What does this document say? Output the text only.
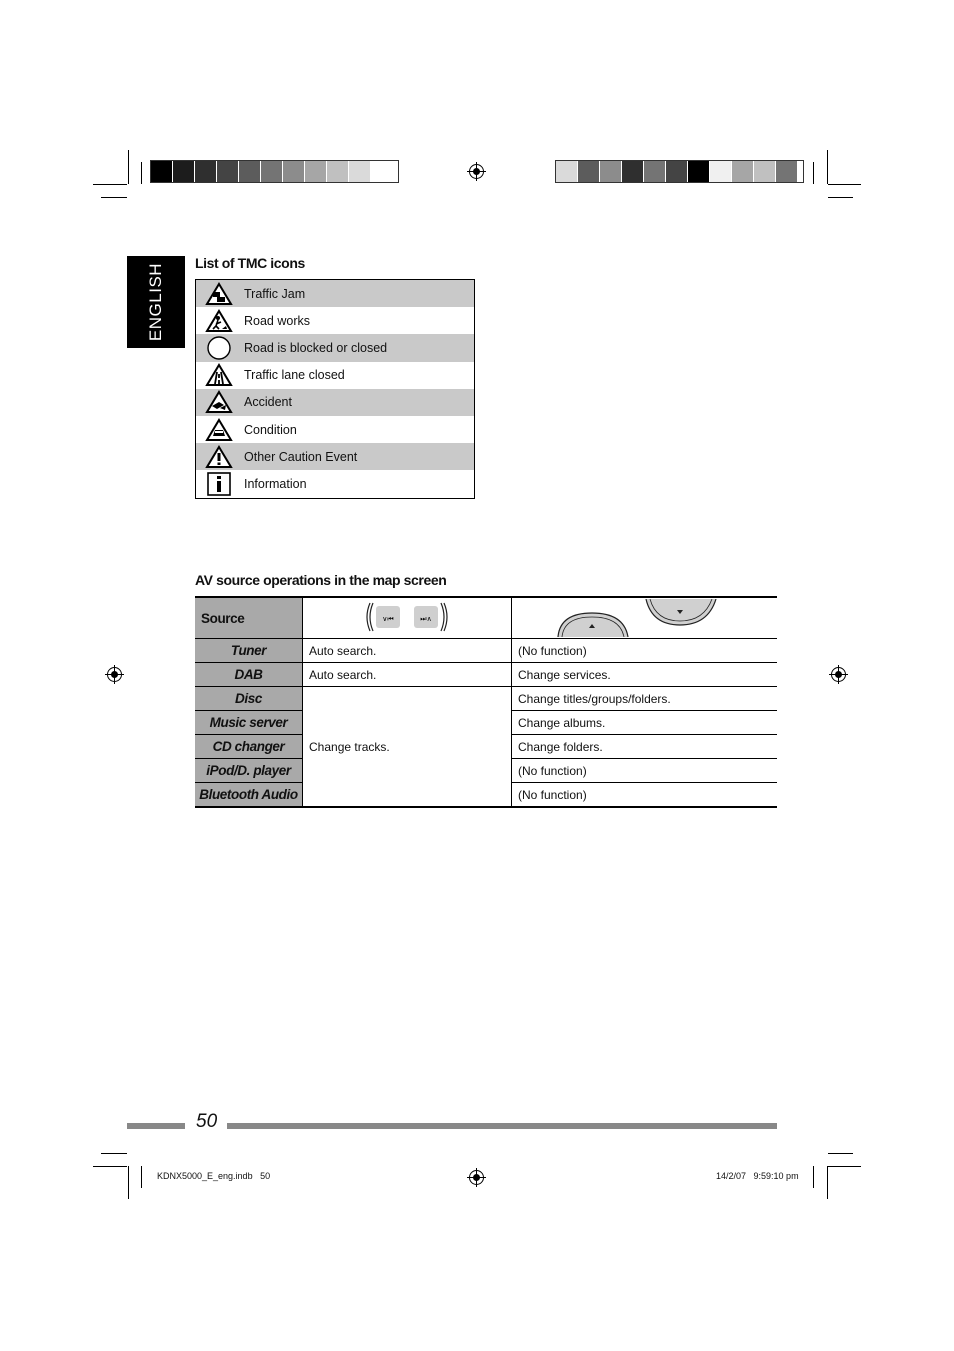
ENGLISH List of TMC icons
Traffic Jam
Road works
Road is blocked or closed
Traffic lane closed
Accident
Condition
Other Caution Event
Information
AV source operations in the map screen
Source	∨⏮ ⏭∧

Tuner	Auto search.	(No function)
DAB	Auto search.	Change services.
Disc	Change tracks.	Change titles/groups/folders.
Music server		Change albums.
CD changer		Change folders.
iPod/D. player		(No function)
Bluetooth Audio		(No function)
50
KDNX5000_E_eng.indb   50	14/2/07   9:59:10 pm
